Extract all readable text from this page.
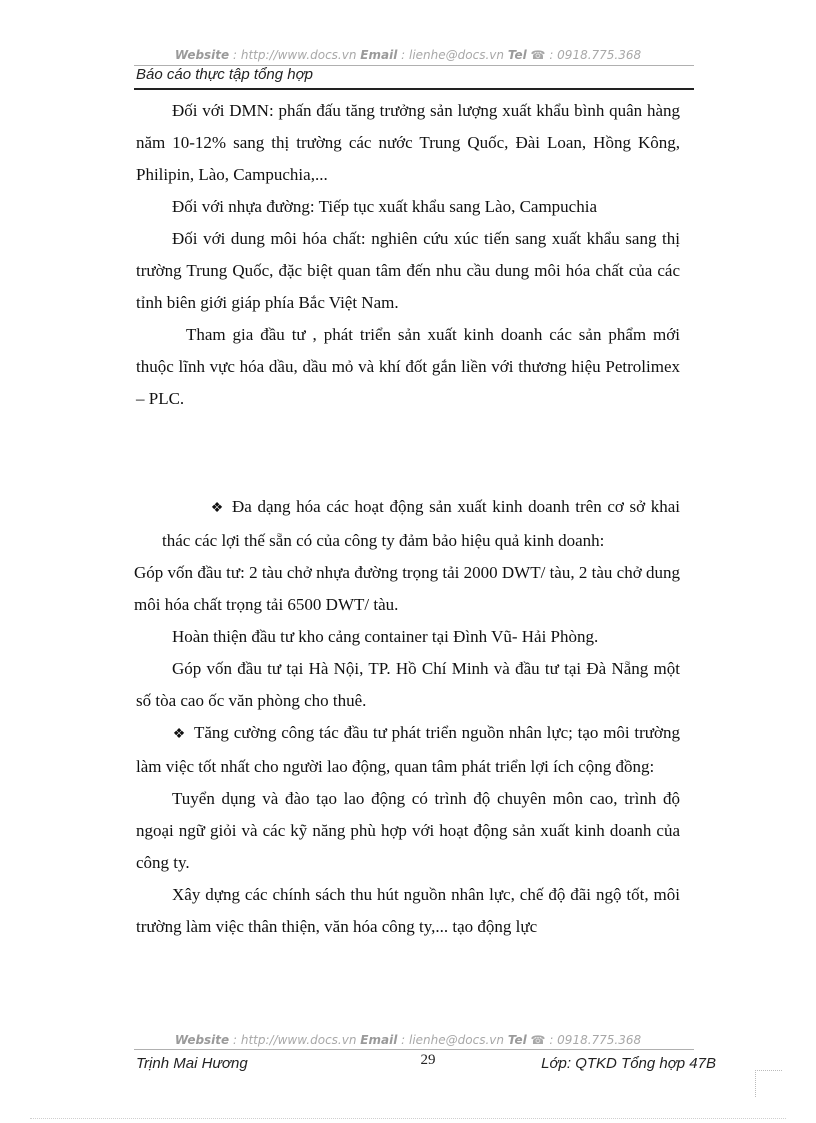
Website : http://www.docs.vn Email : lienhe@docs.vn Tel ☎ : 0918.775.368
Báo cáo thực tập tổng hợp

Đối với DMN: phấn đấu tăng trưởng sản lượng xuất khẩu bình quân hàng năm 10-12% sang thị trường các nước Trung Quốc, Đài Loan, Hồng Kông, Philipin, Lào, Campuchia,...

Đối với nhựa đường: Tiếp tục xuất khẩu sang Lào, Campuchia

Đối với dung môi hóa chất: nghiên cứu xúc tiến sang xuất khẩu sang thị trường Trung Quốc, đặc biệt quan tâm đến nhu cầu dung môi hóa chất của các tỉnh biên giới giáp phía Bắc Việt Nam.

Tham gia đầu tư , phát triển sản xuất kinh doanh các sản phẩm mới thuộc lĩnh vực hóa dầu, dầu mỏ và khí đốt gắn liền với thương hiệu Petrolimex – PLC.

❖ Đa dạng hóa các hoạt động sản xuất kinh doanh trên cơ sở khai thác các lợi thế sẵn có của công ty đảm bảo hiệu quả kinh doanh:

Góp vốn đầu tư: 2 tàu chở nhựa đường trọng tải 2000 DWT/ tàu, 2 tàu chở dung môi hóa chất trọng tải 6500 DWT/ tàu.

Hoàn thiện đầu tư kho cảng container tại Đình Vũ- Hải Phòng.

Góp vốn đầu tư tại Hà Nội, TP. Hồ Chí Minh và đầu tư tại Đà Nẵng một số tòa cao ốc văn phòng cho thuê.

❖ Tăng cường công tác đầu tư phát triển nguồn nhân lực; tạo môi trường làm việc tốt nhất cho người lao động, quan tâm phát triển lợi ích cộng đồng:

Tuyển dụng và đào tạo lao động có trình độ chuyên môn cao, trình độ ngoại ngữ giỏi và các kỹ năng phù hợp với hoạt động sản xuất kinh doanh của công ty.

Xây dựng các chính sách thu hút nguồn nhân lực, chế độ đãi ngộ tốt, môi trường làm việc thân thiện, văn hóa công ty,... tạo động lực

Website : http://www.docs.vn Email : lienhe@docs.vn Tel ☎ : 0918.775.368
Trịnh Mai Hương	29	Lớp: QTKD Tổng hợp 47B
